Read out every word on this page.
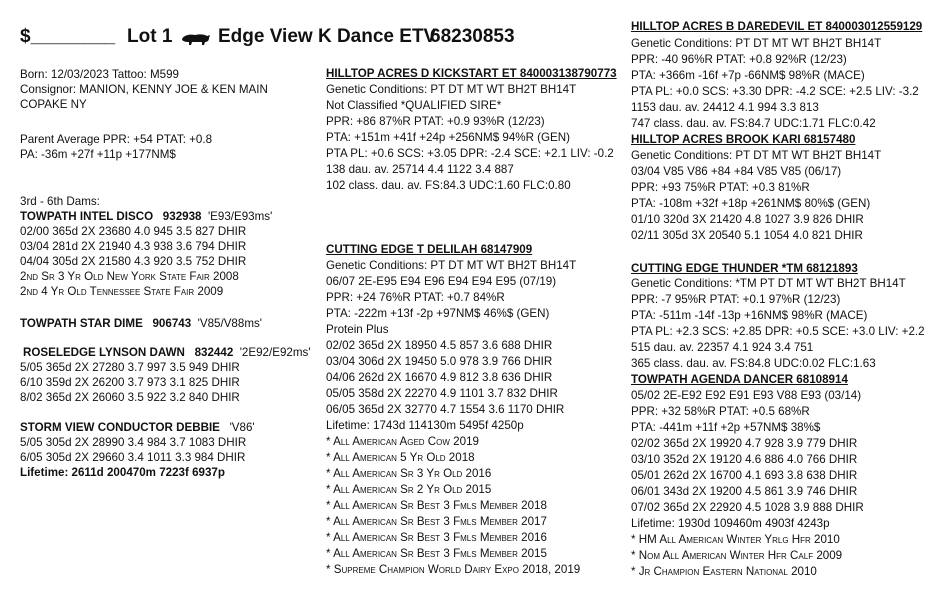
$________ Lot 1 Edge View K Dance ETV
68230853
Born: 12/03/2023 Tattoo: M599
Consignor: MANION, KENNY JOE & KEN MAIN
COPAKE NY
Parent Average PPR: +54 PTAT: +0.8
PA: -36m +27f +11p +177NM$
3rd - 6th Dams:
TOWPATH INTEL DISCO 932938 'E93/E93ms'
02/00 365d 2X 23680 4.0 945 3.5 827 DHIR
03/04 281d 2X 21940 4.3 938 3.6 794 DHIR
04/04 305d 2X 21580 4.3 920 3.5 752 DHIR
2nd Sr 3 Yr Old New York State Fair 2008
2nd 4 Yr Old Tennessee State Fair 2009
TOWPATH STAR DIME 906743 'V85/V88ms'
ROSELEDGE LYNSON DAWN 832442 '2E92/E92ms'
5/05 365d 2X 27280 3.7 997 3.5 949 DHIR
6/10 359d 2X 26200 3.7 973 3.1 825 DHIR
8/02 365d 2X 26060 3.5 922 3.2 840 DHIR
STORM VIEW CONDUCTOR DEBBIE 'V86'
5/05 305d 2X 28990 3.4 984 3.7 1083 DHIR
6/05 305d 2X 29660 3.4 1011 3.3 984 DHIR
Lifetime: 2611d 200470m 7223f 6937p
HILLTOP ACRES D KICKSTART ET 840003138790773
Genetic Conditions: PT DT MT WT BH2T BH14T
Not Classified *QUALIFIED SIRE*
PPR: +86 87%R PTAT: +0.9 93%R (12/23)
PTA: +151m +41f +24p +256NM$ 94%R (GEN)
PTA PL: +0.6 SCS: +3.05 DPR: -2.4 SCE: +2.1 LIV: -0.2
138 dau. av. 25714 4.4 1122 3.4 887
102 class. dau. av. FS:84.3 UDC:1.60 FLC:0.80
CUTTING EDGE T DELILAH 68147909
Genetic Conditions: PT DT MT WT BH2T BH14T
06/07 2E-E95 E94 E96 E94 E94 E95 (07/19)
PPR: +24 76%R PTAT: +0.7 84%R
PTA: -222m +13f -2p +97NM$ 46%$ (GEN)
Protein Plus
02/02 365d 2X 18950 4.5 857 3.6 688 DHIR
03/04 306d 2X 19450 5.0 978 3.9 766 DHIR
04/06 262d 2X 16670 4.9 812 3.8 636 DHIR
05/05 358d 2X 22270 4.9 1101 3.7 832 DHIR
06/05 365d 2X 32770 4.7 1554 3.6 1170 DHIR
Lifetime: 1743d 114130m 5495f 4250p
* All American Aged Cow 2019
* All American 5 Yr Old 2018
* All American Sr 3 Yr Old 2016
* All American Sr 2 Yr Old 2015
* All American Sr Best 3 Fmls Member 2018
* All American Sr Best 3 Fmls Member 2017
* All American Sr Best 3 Fmls Member 2016
* All American Sr Best 3 Fmls Member 2015
* Supreme Champion World Dairy Expo 2018, 2019
HILLTOP ACRES B DAREDEVIL ET 840003012559129
Genetic Conditions: PT DT MT WT BH2T BH14T
PPR: -40 96%R PTAT: +0.8 92%R (12/23)
PTA: +366m -16f +7p -66NM$ 98%R (MACE)
PTA PL: +0.0 SCS: +3.30 DPR: -4.2 SCE: +2.5 LIV: -3.2
1153 dau. av. 24412 4.1 994 3.3 813
747 class. dau. av. FS:84.7 UDC:1.71 FLC:0.42
HILLTOP ACRES BROOK KARI 68157480
Genetic Conditions: PT DT MT WT BH2T BH14T
03/04 V85 V86 +84 +84 V85 V85 (06/17)
PPR: +93 75%R PTAT: +0.3 81%R
PTA: -108m +32f +18p +261NM$ 80%$ (GEN)
01/10 320d 3X 21420 4.8 1027 3.9 826 DHIR
02/11 305d 3X 20540 5.1 1054 4.0 821 DHIR
CUTTING EDGE THUNDER *TM 68121893
Genetic Conditions: *TM PT DT MT WT BH2T BH14T
PPR: -7 95%R PTAT: +0.1 97%R (12/23)
PTA: -511m -14f -13p +16NM$ 98%R (MACE)
PTA PL: +2.3 SCS: +2.85 DPR: +0.5 SCE: +3.0 LIV: +2.2
515 dau. av. 22357 4.1 924 3.4 751
365 class. dau. av. FS:84.8 UDC:0.02 FLC:1.63
TOWPATH AGENDA DANCER 68108914
05/02 2E-E92 E92 E91 E93 V88 E93 (03/14)
PPR: +32 58%R PTAT: +0.5 68%R
PTA: -441m +11f +2p +57NM$ 38%$
02/02 365d 2X 19920 4.7 928 3.9 779 DHIR
03/10 352d 2X 19120 4.6 886 4.0 766 DHIR
05/01 262d 2X 16700 4.1 693 3.8 638 DHIR
06/01 343d 2X 19200 4.5 861 3.9 746 DHIR
07/02 365d 2X 22920 4.5 1028 3.9 888 DHIR
Lifetime: 1930d 109460m 4903f 4243p
* HM All American Winter Yrlg Hfr 2010
* Nom All American Winter Hfr Calf 2009
* Jr Champion Eastern National 2010
